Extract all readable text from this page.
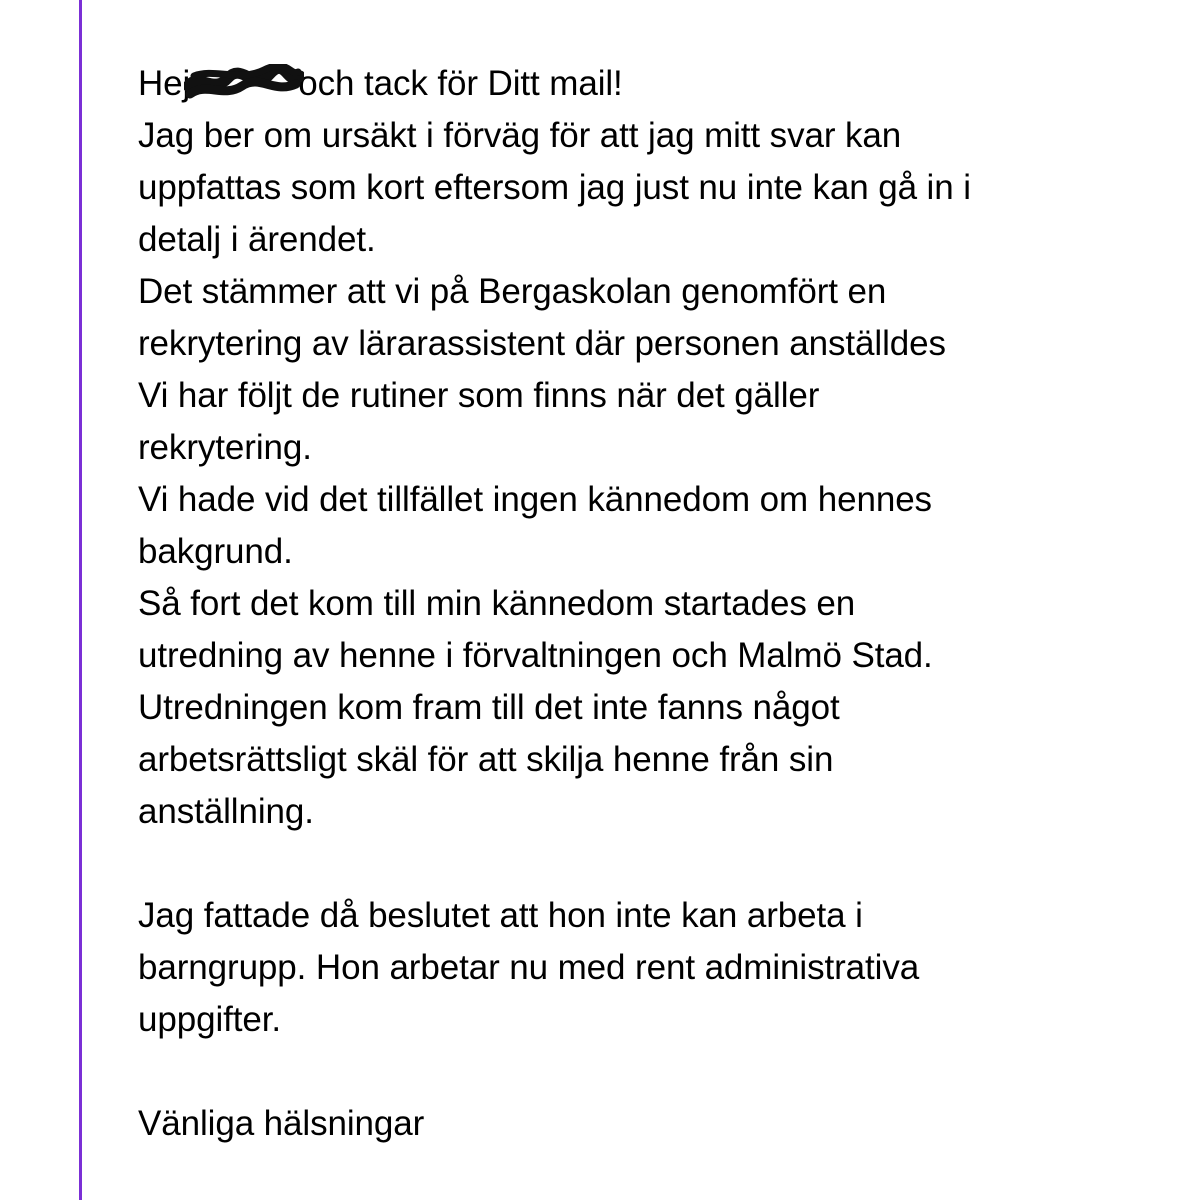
Hej	och tack för Ditt mail!
Jag ber om ursäkt i förväg för att jag mitt svar kan
uppfattas som kort eftersom jag just nu inte kan gå in i
detalj i ärendet.
Det stämmer att vi på Bergaskolan genomfört en
rekrytering av lärarassistent där personen anställdes
Vi har följt de rutiner som finns när det gäller
rekrytering.
Vi hade vid det tillfället ingen kännedom om hennes
bakgrund.
Så fort det kom till min kännedom startades en
utredning av henne i förvaltningen och Malmö Stad.
Utredningen kom fram till det inte fanns något
arbetsrättsligt skäl för att skilja henne från sin
anställning.
Jag fattade då beslutet att hon inte kan arbeta i
barngrupp. Hon arbetar nu med rent administrativa
uppgifter.
Vänliga hälsningar
